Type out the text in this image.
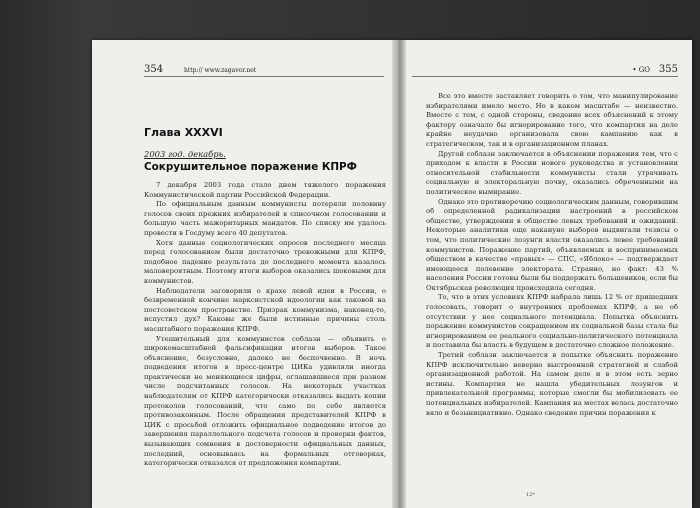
354	http:// www.zagavor.net
Глава XXXVI
2003 год. декабрь.
Сокрушительное поражение КПРФ

7 декабря 2003 года стало днем тяжелого поражения Коммунистической партии Российской Федерации.

По официальным данным коммунисты потеряли половину голосов своих прежних избирателей в списочном голосовании и большую часть мажоритарных мандатов. По списку им удалось провести в Госдуму всего 40 депутатов.

Хотя данные социологических опросов последнего месяца перед голосованием были достаточно тревожными для КПРФ, подобное падение результата до последнего момента казалось маловероятным. Поэтому итоги выборов оказались шоковыми для коммунистов.

Наблюдатели заговорили о крахе левой идеи в России, о безвременной кончине марксистской идеологии как таковой на постсоветском пространстве. Призрак коммунизма, наконец-то, испустил дух? Каковы же были истинные причины столь масштабного поражения КПРФ.

Утешительный для коммунистов соблазн — объявить о широкомасштабной фальсификации итогов выборов. Такое объяснение, безусловно, далеко не беспочвенно. В ночь подведения итогов в пресс-центре ЦИКа удивляли иногда практически не меняющиеся цифры, оглашавшиеся при разном числе подсчитанных голосов. На некоторых участках наблюдателям от КПРФ категорически отказались выдать копии протоколов голосований, что само по себе является противозаконным. После обращения представителей КПРФ в ЦИК с просьбой отложить официальное подведение итогов до завершения параллельного подсчета голосов и проверки фактов, вызывающих сомнения в достоверности официальных данных, последний, основываясь на формальных отговорках, категорически отказался от предложения компартии.

• GO 355

Все это вместе заставляет говорить о том, что манипулирование избирателями имело место. Но в каком масштабе — неизвестно. Вместе с тем, с одной стороны, сведение всех объяснений к этому фактору означало бы игнорирование того, что компартия на деле крайне неудачно организовала свою кампанию как в стратегическом, так и в организационном планах.

Другой соблазн заключается в объяснении поражения тем, что с приходом к власти в России нового руководства и установлении относительной стабильности коммунисты стали утрачивать социальную и электоральную почву, оказались обреченными на политическое вымирание.

Однако это противоречию социологическим данным, говорившим об определенной радикализации настроений в российском обществе, утверждении в обществе левых требований и ожиданий. Некоторые аналитики еще накануне выборов выдвигали тезисы о том, что политические лозунги власти оказались левее требований коммунистов. Поражение партий, объявляемых и воспринимаемых обществом в качестве «правых» — СПС, «Яблоко» — подтверждает имеющееся полевение электората. Странно, но факт: 43 % населения России готовы были бы поддержать большевиков, если бы Октябрьская революция происходила сегодня.

То, что в этих условиях КПРФ набрала лишь 12 % от пришедших голосовать, говорит о внутренних проблемах КПРФ, а не об отсутствии у нее социального потенциала. Попытка объяснить поражение коммунистов сокращением их социальной базы стала бы игнорированием ее реального социально-политического потенциала и поставила бы власть в будущем в достаточно сложное положение.

Третий соблазн заключается в попытке объяснить поражение КПРФ исключительно неверно выстроенной стратегией и слабой организационной работой. На самом деле и в этом есть зерно истины. Компартия не нашла убедительных лозунгов и привлекательной программы, которые смогли бы мобилизовать ее потенциальных избирателей. Кампания на местах велась достаточно вяло и безынициативно. Однако сведение причин поражения к

12*
